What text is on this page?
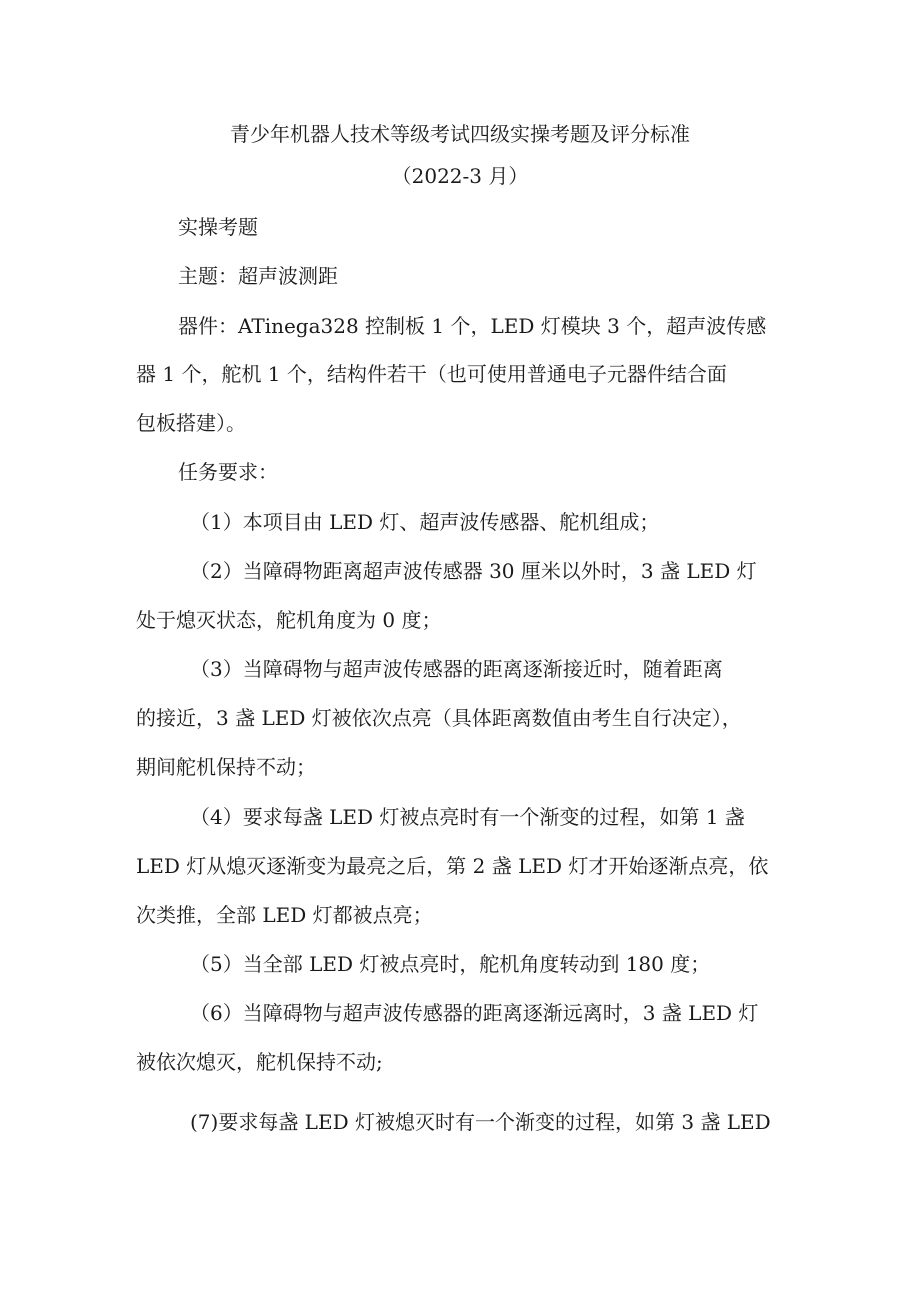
青少年机器人技术等级考试四级实操考题及评分标准
（2022-3 月）
实操考题
主题：超声波测距
器件：ATinega328 控制板 1 个，LED 灯模块 3 个，超声波传感
器 1 个，舵机 1 个，结构件若干（也可使用普通电子元器件结合面
包板搭建）。
任务要求：
（1）本项目由 LED 灯、超声波传感器、舵机组成；
（2）当障碍物距离超声波传感器 30 厘米以外时，3 盏 LED 灯
处于熄灭状态，舵机角度为 0 度；
（3）当障碍物与超声波传感器的距离逐渐接近时，随着距离
的接近，3 盏 LED 灯被依次点亮（具体距离数值由考生自行决定），
期间舵机保持不动；
（4）要求每盏 LED 灯被点亮时有一个渐变的过程，如第 1 盏
LED 灯从熄灭逐渐变为最亮之后，第 2 盏 LED 灯才开始逐渐点亮，依
次类推，全部 LED 灯都被点亮；
（5）当全部 LED 灯被点亮时，舵机角度转动到 180 度；
（6）当障碍物与超声波传感器的距离逐渐远离时，3 盏 LED 灯
被依次熄灭，舵机保持不动;
(7)要求每盏 LED 灯被熄灭时有一个渐变的过程，如第 3 盏 LED
